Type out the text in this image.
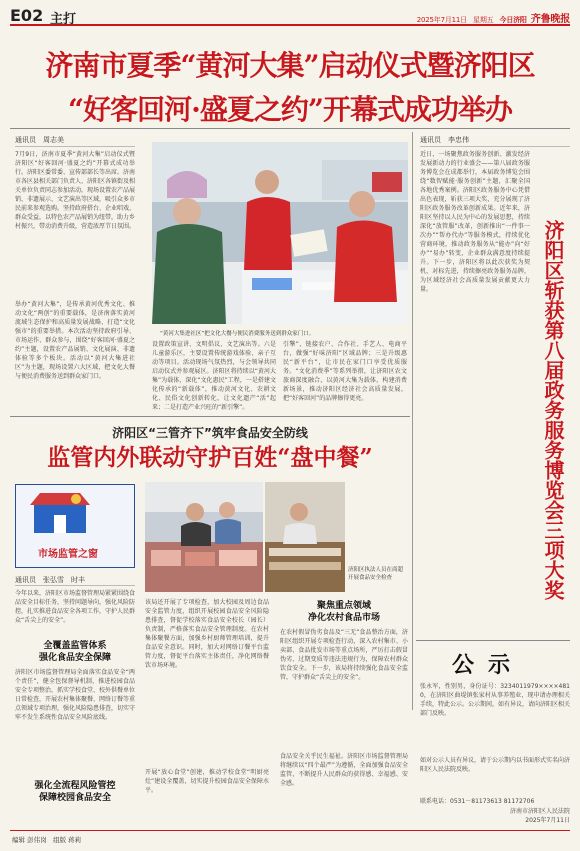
E02 主打	2025年7月11日 星期五 今日济阳 齐鲁晚报
济南市夏季“黄河大集”启动仪式暨济阳区
“好客回河·盛夏之约”开幕式成功举办
通讯员　周志美
7月9日，济南市夏季“黄河大集”启动仪式暨济阳区“好客回河·盛夏之约”开幕式成功举行。济阳区委常委、宣传部部长等出席。济南市各区县相关部门负责人、济阳区各镇街及相关单位负责同志参加活动。现场设置农产品展销、非遗展示、文艺演出等区域，吸引众多市民前来参观选购。坚持政府搭台、企业唱戏、群众受益，以特色农产品展销为纽带，助力乡村振兴，带动消费升级，营造浓厚节日氛围。
举办“黄河大集”，是传承黄河优秀文化、推动文化“两创”的重要载体，是济南落实黄河流域生态保护和高质量发展战略、打造“文化强市”的重要举措。本次活动坚持政府引导、市场运作、群众参与，围绕“好客回河·盛夏之约”主题，设置农产品展销、文化展演、非遗体验等多个板块。活动以“黄河大集进社区”为主题，现场设置六大区域，把文化大餐与便民消费服务送到群众家门口。
“黄河大集进社区”把文化大餐与便民消费服务送到群众家门口。
设置政策宣讲、文明倡议、文艺演出等。六是儿童游乐区，主要设置传统游戏体验、亲子互动等项目。活动现场气氛热烈，与会领导共同启动仪式并参观展区。济阳区将持续以“黄河大集”为载体，深化“文化惠民”工程，一是搭建文化传承的“新载体”，推动黄河文化、农耕文化、民俗文化创新转化，让文化遗产“活”起来；二是打造产业兴旺的“新引擎”。
引擎”，链接农户、合作社、手艺人、电商平台，做强“好味济阳”区域品牌；三是升级惠民“新平台”，让市民在家门口享受优质服务。“文化消费季”等系列举措，让济阳区农文旅商深度融合，以黄河大集为载体，构建消费新场景，推动济阳区经济社会高质量发展，把“好客回河”的品牌擦得更亮。
通讯员　李忠伟
近日，一场聚焦政务服务创新、激发经济发展新动力的行业盛会——第八届政务服务博览会在成都举行，本届政务博览会围绕“数智赋能·服务创新”主题，汇聚全国各地优秀案例。济阳区政务服务中心凭借出色表现，斩获三项大奖，充分展现了济阳区政务服务改革创新成果。近年来，济阳区坚持以人民为中心的发展思想，持续深化“放管服”改革，创新推出“一件事一次办”“帮办代办”等服务模式，持续优化营商环境，推动政务服务从“能办”向“好办”“易办”转变，企业群众满意度持续提升。下一步，济阳区将以此次获奖为契机，对标先进，持续擦亮政务服务品牌，为区域经济社会高质量发展贡献更大力量。	济阳区斩获第八届政务服务博览会三项大奖
济阳区“三管齐下”筑牢食品安全防线
监管内外联动守护百姓“盘中餐”
市场监管之窗
通讯员　张弘雪　时丰
今年以来，济阳区市场监督管理局紧紧围绕食品安全目标任务，坚持问题导向，强化风险防控，扎实推进食品安全各项工作，守护人民群众“舌尖上的安全”。
全覆盖监管体系
强化食品安全保障
济阳区市场监督管理局全面落实食品安全“两个责任”，健全包保督导机制，推进校园食品安全专项整治，抓实学校食堂、校外供餐单位日常检查，开展农村集体聚餐、网络订餐等重点领域专项治理，强化风险隐患排查，切实守牢不发生系统性食品安全风险底线。
强化全流程风险管控
保障校园食品安全
济阳区执法人员在商超开展食品安全检查
该局还开展了专项检查，加大校园及周边食品安全监管力度，组织开展校园食品安全风险隐患排查，督促学校落实食品安全校长（园长）负责制，严格落实食品安全管理制度。在农村集体聚餐方面，加强乡村厨师管理培训，提升食品安全意识。同时，加大对网络订餐平台监管力度，督促平台落实主体责任，净化网络餐饮市场环境。
开展“放心食堂”创建，推动学校食堂“明厨亮灶”建设全覆盖，切实提升校园食品安全保障水平。
聚焦重点领域
净化农村食品市场
在农村假冒伪劣食品及“三无”食品整治方面，济阳区组织开展专项检查行动，深入农村集市、小卖部、食品批发市场等重点场所，严厉打击假冒伪劣、过期变质等违法违规行为，保障农村群众饮食安全。下一步，该局将持续强化食品安全监管，守护群众“舌尖上的安全”。
食品安全关乎民生福祉。济阳区市场监督管理局将继续以“四个最严”为遵循，全面加强食品安全监管，不断提升人民群众的获得感、幸福感、安全感。
公示
张永军，性别男，身份证号：3234011979××××4810，在济阳区曲堤镇张家村从事养殖业，现申请办理相关手续，特此公示。公示期间，如有异议，请向济阳区相关部门反映。
如对公示人员有异议，请于公示期内以书面形式实名向济阳区人民法院反映。
联系电话：0531－81173613 81172706
济南市济阳区人民法院
2025年7月11日
编辑 彭伟岗　组版 蒋莉
